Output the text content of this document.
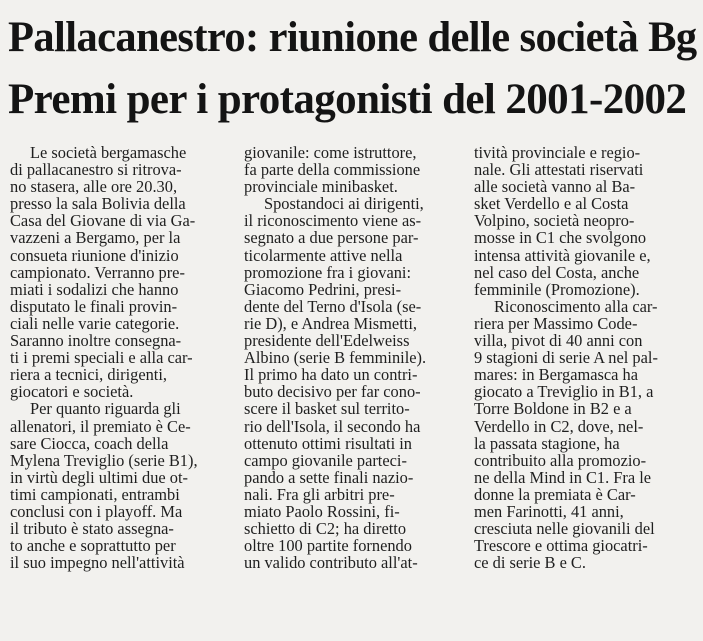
Pallacanestro: riunione delle società Bg
Premi per i protagonisti del 2001-2002
Le società bergamasche
di pallacanestro si ritrova-
no stasera, alle ore 20.30,
presso la sala Bolivia della
Casa del Giovane di via Ga-
vazzeni a Bergamo, per la
consueta riunione d'inizio
campionato. Verranno pre-
miati i sodalizi che hanno
disputato le finali provin-
ciali nelle varie categorie.
Saranno inoltre consegna-
ti i premi speciali e alla car-
riera a tecnici, dirigenti,
giocatori e società.
Per quanto riguarda gli
allenatori, il premiato è Ce-
sare Ciocca, coach della
Mylena Treviglio (serie B1),
in virtù degli ultimi due ot-
timi campionati, entrambi
conclusi con i playoff. Ma
il tributo è stato assegna-
to anche e soprattutto per
il suo impegno nell'attività
giovanile: come istruttore,
fa parte della commissione
provinciale minibasket.
Spostandoci ai dirigenti,
il riconoscimento viene as-
segnato a due persone par-
ticolarmente attive nella
promozione fra i giovani:
Giacomo Pedrini, presi-
dente del Terno d'Isola (se-
rie D), e Andrea Mismetti,
presidente dell'Edelweiss
Albino (serie B femminile).
Il primo ha dato un contri-
buto decisivo per far cono-
scere il basket sul territo-
rio dell'Isola, il secondo ha
ottenuto ottimi risultati in
campo giovanile parteci-
pando a sette finali nazio-
nali. Fra gli arbitri pre-
miato Paolo Rossini, fi-
schietto di C2; ha diretto
oltre 100 partite fornendo
un valido contributo all'at-
tività provinciale e regio-
nale. Gli attestati riservati
alle società vanno al Ba-
sket Verdello e al Costa
Volpino, società neopro-
mosse in C1 che svolgono
intensa attività giovanile e,
nel caso del Costa, anche
femminile (Promozione).
Riconoscimento alla car-
riera per Massimo Code-
villa, pivot di 40 anni con
9 stagioni di serie A nel pal-
mares: in Bergamasca ha
giocato a Treviglio in B1, a
Torre Boldone in B2 e a
Verdello in C2, dove, nel-
la passata stagione, ha
contribuito alla promozio-
ne della Mind in C1. Fra le
donne la premiata è Car-
men Farinotti, 41 anni,
cresciuta nelle giovanili del
Trescore e ottima giocatri-
ce di serie B e C.
